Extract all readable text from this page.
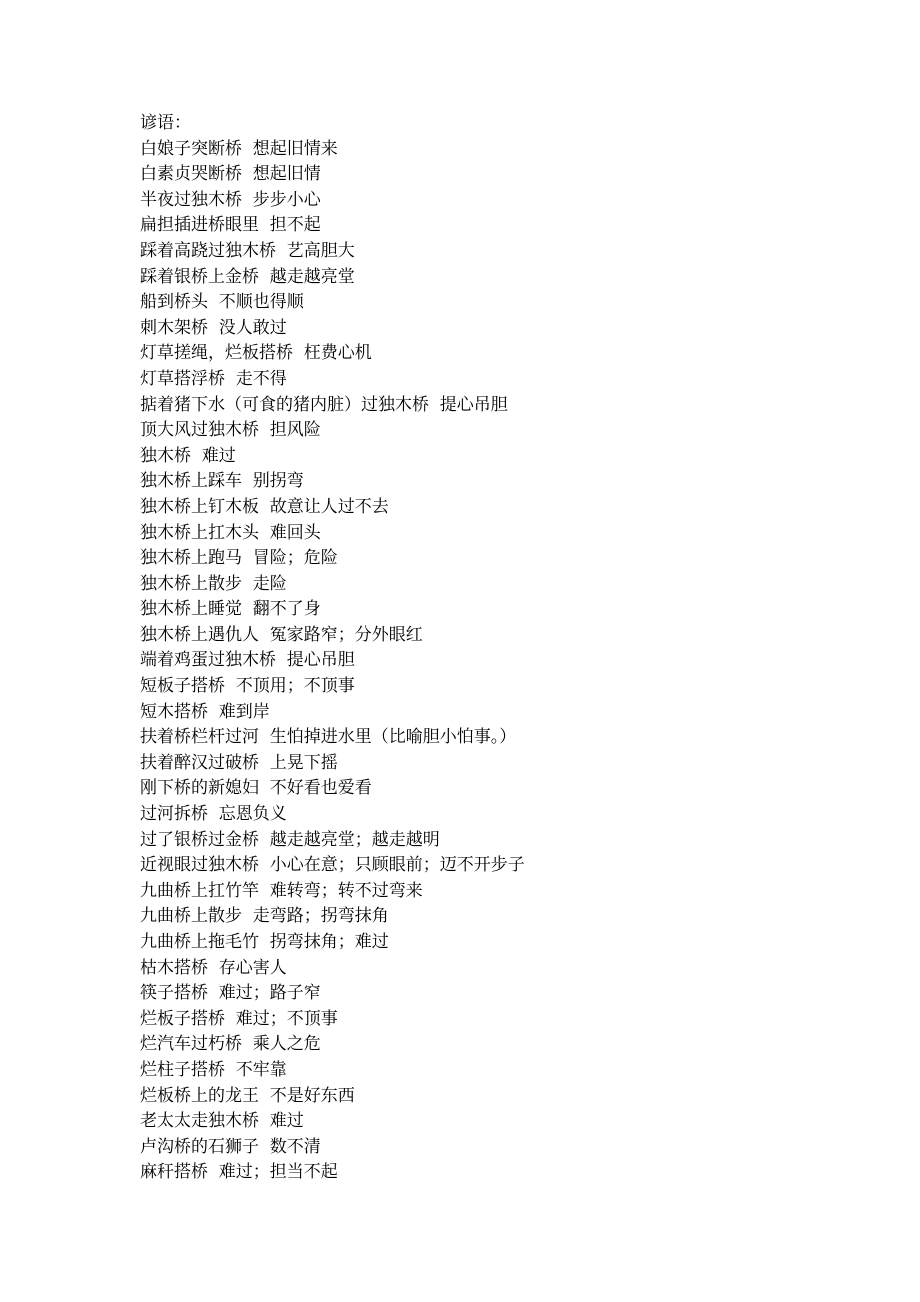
谚语：

白娘子突断桥  想起旧情来

白素贞哭断桥  想起旧情

半夜过独木桥  步步小心

扁担插进桥眼里  担不起

踩着高跷过独木桥  艺高胆大

踩着银桥上金桥  越走越亮堂

船到桥头  不顺也得顺

刺木架桥  没人敢过

灯草搓绳，烂板搭桥  枉费心机

灯草搭浮桥  走不得

掂着猪下水（可食的猪内脏）过独木桥  提心吊胆

顶大风过独木桥  担风险

独木桥  难过

独木桥上踩车  别拐弯

独木桥上钉木板  故意让人过不去

独木桥上扛木头  难回头

独木桥上跑马  冒险；危险

独木桥上散步  走险

独木桥上睡觉  翻不了身

独木桥上遇仇人  冤家路窄；分外眼红

端着鸡蛋过独木桥  提心吊胆

短板子搭桥  不顶用；不顶事

短木搭桥  难到岸

扶着桥栏杆过河  生怕掉进水里（比喻胆小怕事。）

扶着醉汉过破桥  上晃下摇

刚下桥的新媳妇  不好看也爱看

过河拆桥  忘恩负义

过了银桥过金桥  越走越亮堂；越走越明

近视眼过独木桥  小心在意；只顾眼前；迈不开步子

九曲桥上扛竹竿  难转弯；转不过弯来

九曲桥上散步  走弯路；拐弯抹角

九曲桥上拖毛竹  拐弯抹角；难过

枯木搭桥  存心害人

筷子搭桥  难过；路子窄

烂板子搭桥  难过；不顶事

烂汽车过朽桥  乘人之危

烂柱子搭桥  不牢靠

烂板桥上的龙王  不是好东西

老太太走独木桥  难过

卢沟桥的石狮子  数不清

麻秆搭桥  难过；担当不起
